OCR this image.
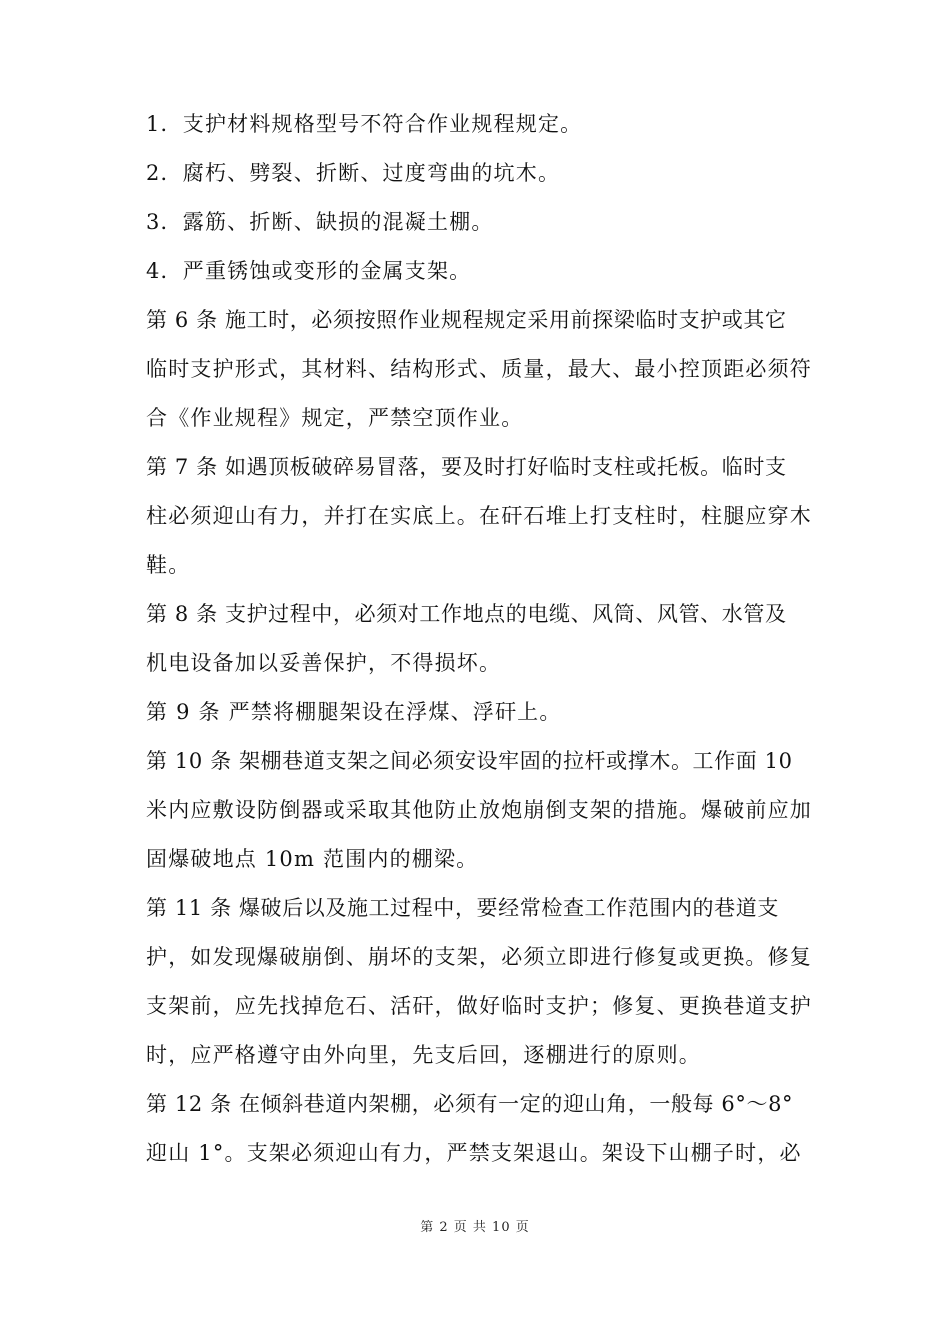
1．支护材料规格型号不符合作业规程规定。
2．腐朽、劈裂、折断、过度弯曲的坑木。
3．露筋、折断、缺损的混凝土棚。
4．严重锈蚀或变形的金属支架。
第 6 条 施工时，必须按照作业规程规定采用前探梁临时支护或其它
临时支护形式，其材料、结构形式、质量，最大、最小控顶距必须符
合《作业规程》规定，严禁空顶作业。
第 7 条 如遇顶板破碎易冒落，要及时打好临时支柱或托板。临时支
柱必须迎山有力，并打在实底上。在矸石堆上打支柱时，柱腿应穿木
鞋。
第 8 条 支护过程中，必须对工作地点的电缆、风筒、风管、水管及
机电设备加以妥善保护，不得损坏。
第 9 条 严禁将棚腿架设在浮煤、浮矸上。
第 10 条 架棚巷道支架之间必须安设牢固的拉杆或撑木。工作面 10
米内应敷设防倒器或采取其他防止放炮崩倒支架的措施。爆破前应加
固爆破地点 10m 范围内的棚梁。
第 11 条 爆破后以及施工过程中，要经常检查工作范围内的巷道支
护，如发现爆破崩倒、崩坏的支架，必须立即进行修复或更换。修复
支架前，应先找掉危石、活矸，做好临时支护；修复、更换巷道支护
时，应严格遵守由外向里，先支后回，逐棚进行的原则。
第 12 条 在倾斜巷道内架棚，必须有一定的迎山角，一般每 6°～8°
迎山 1°。支架必须迎山有力，严禁支架退山。架设下山棚子时，必
第 2 页 共 10 页
